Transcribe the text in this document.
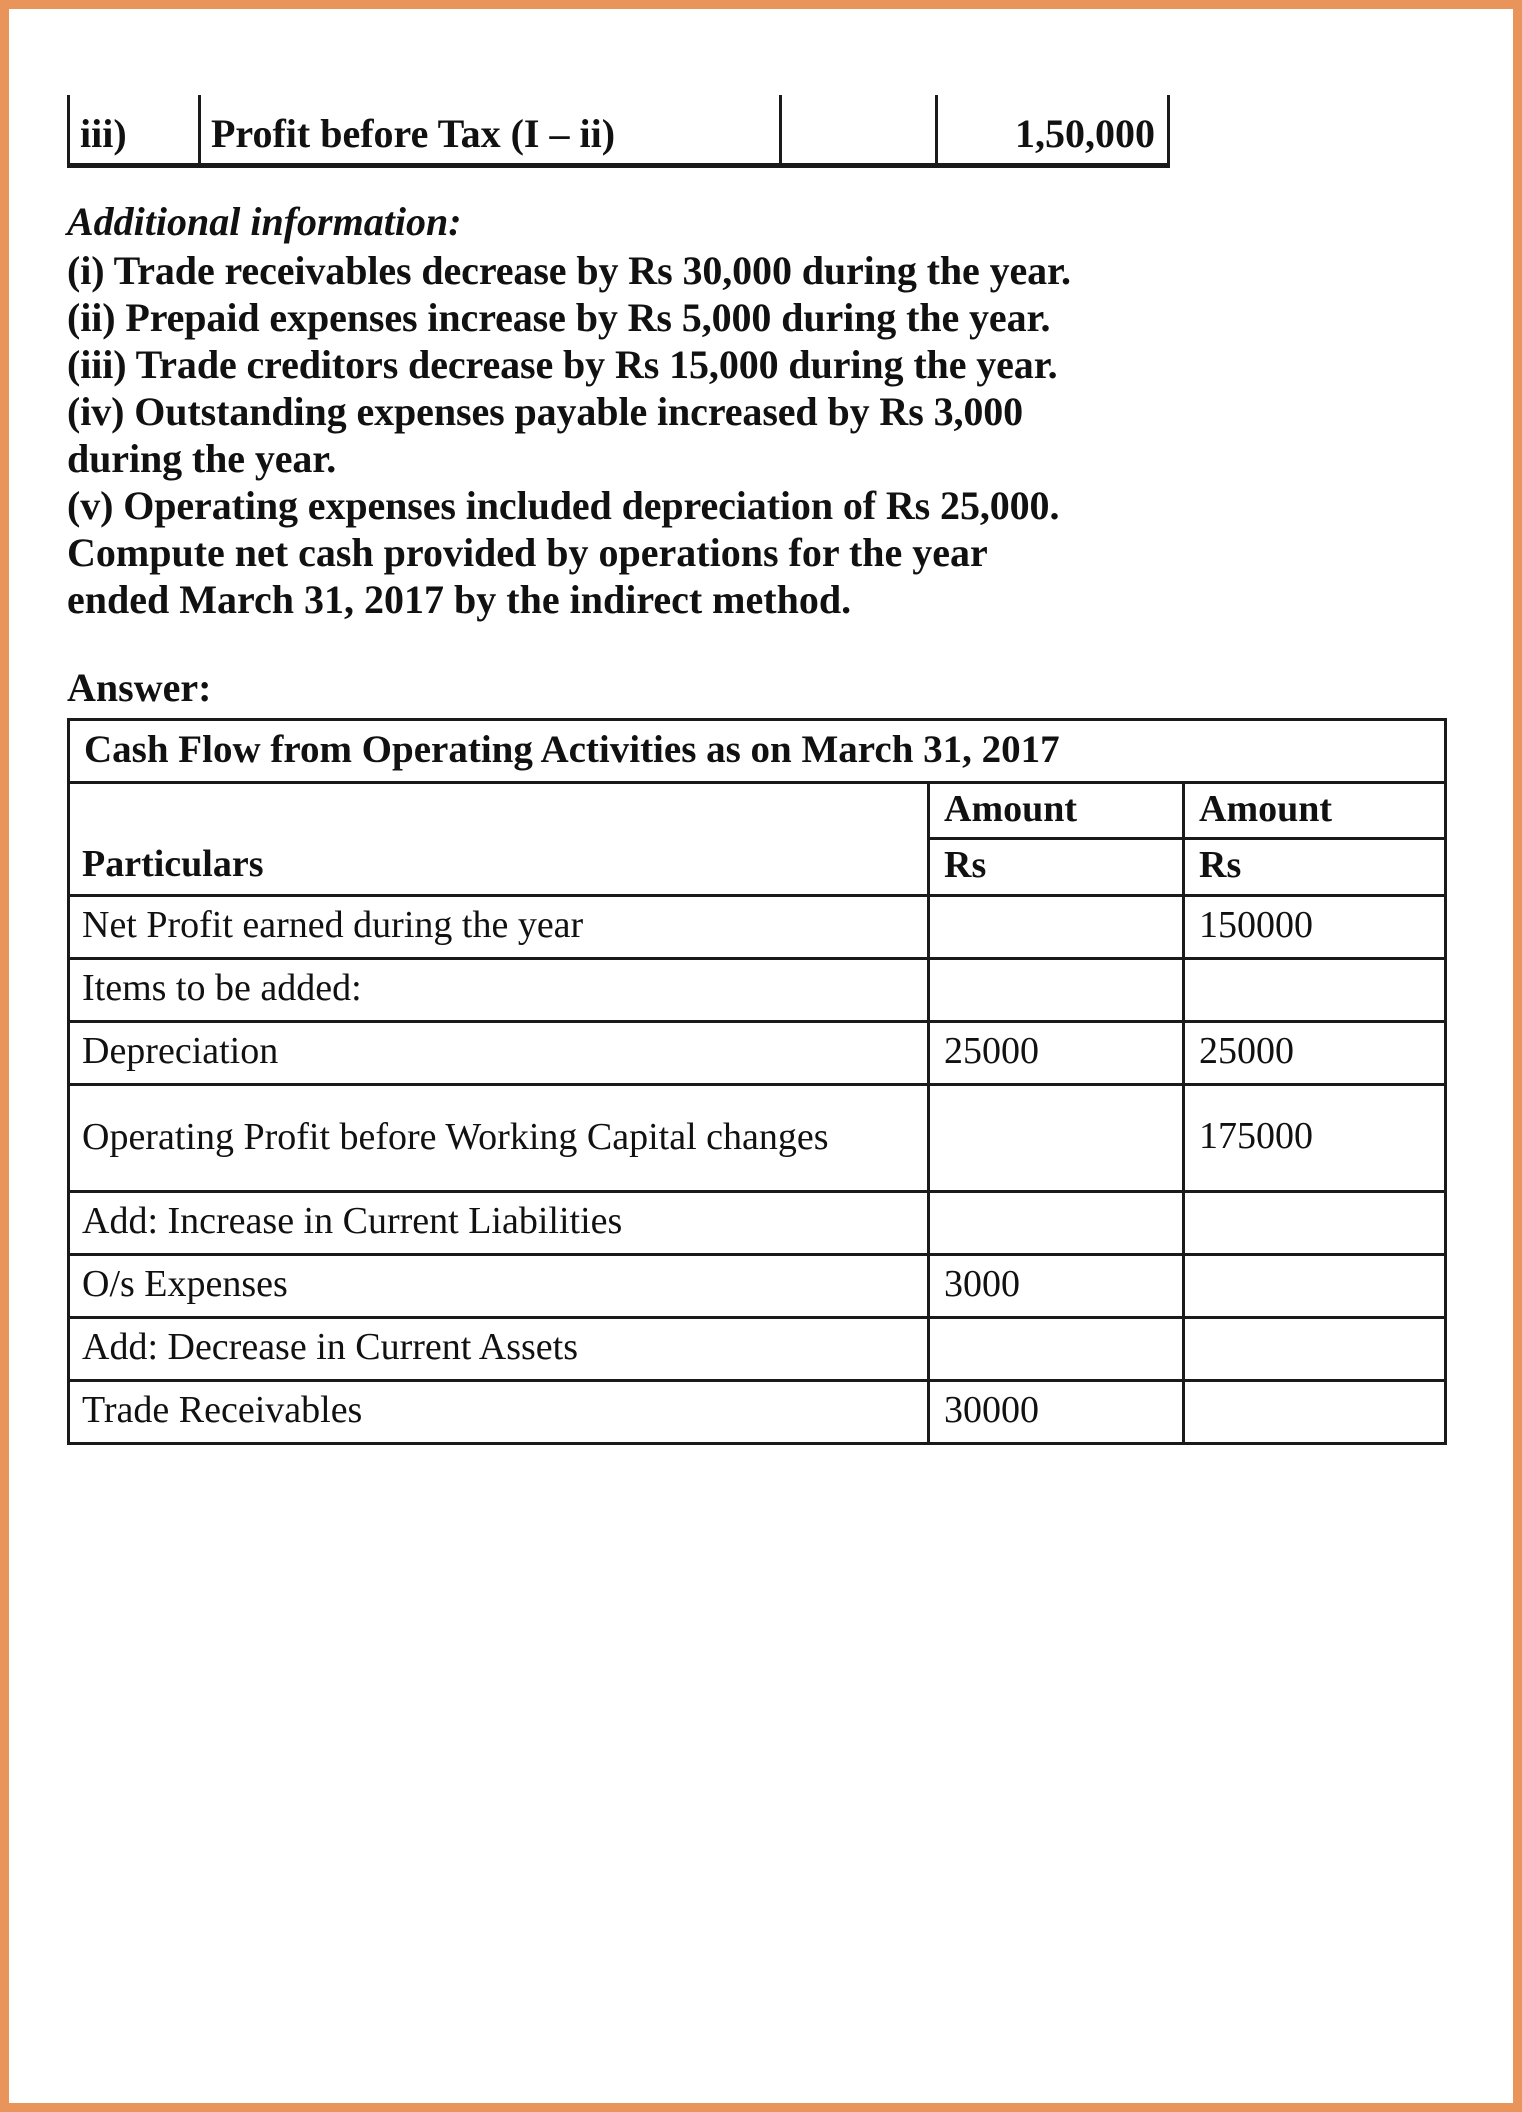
iii)	Profit before Tax (I – ii)		1,50,000

Additional information:

(i) Trade receivables decrease by Rs 30,000 during the year.

(ii) Prepaid expenses increase by Rs 5,000 during the year.

(iii) Trade creditors decrease by Rs 15,000 during the year.

(iv) Outstanding expenses payable increased by Rs 3,000 during the year.

(v) Operating expenses included depreciation of Rs 25,000.

Compute net cash provided by operations for the year ended March 31, 2017 by the indirect method.

Answer:

Cash Flow from Operating Activities as on March 31, 2017		
Particulars	Amount	Amount
	Rs	Rs
Net Profit earned during the year		150000
Items to be added:		
Depreciation	25000	25000
Operating Profit before Working Capital changes		175000
Add: Increase in Current Liabilities		
O/s Expenses	3000	
Add: Decrease in Current Assets		
Trade Receivables	30000	
